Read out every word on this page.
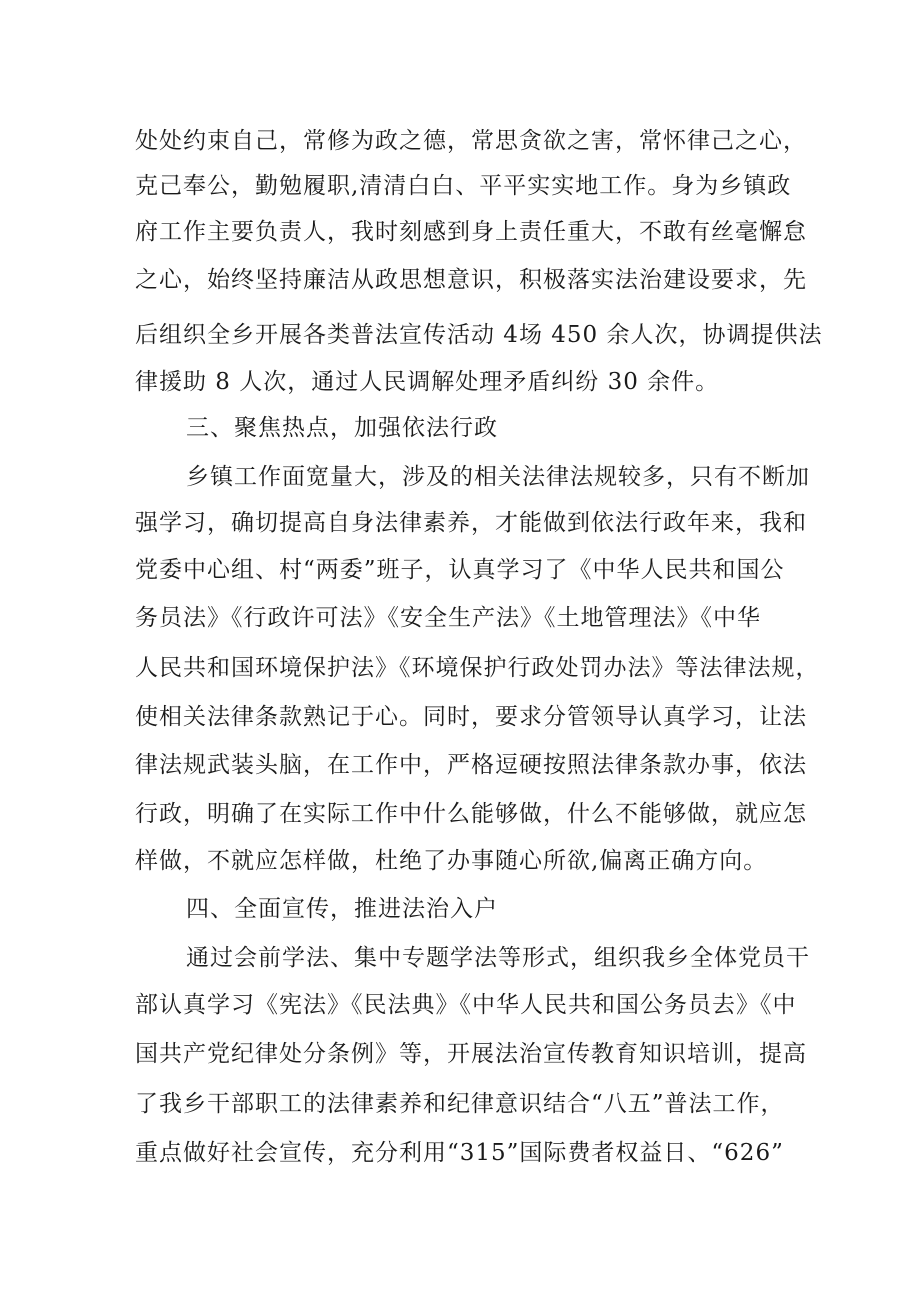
处处约束自己，常修为政之德，常思贪欲之害，常怀律己之心，
克己奉公，勤勉履职,清清白白、平平实实地工作。身为乡镇政
府工作主要负责人，我时刻感到身上责任重大，不敢有丝毫懈怠
之心，始终坚持廉洁从政思想意识，积极落实法治建设要求，先
后组织全乡开展各类普法宣传活动 4场 450 余人次，协调提供法
律援助 8 人次，通过人民调解处理矛盾纠纷 30 余件。
三、聚焦热点，加强依法行政
乡镇工作面宽量大，涉及的相关法律法规较多，只有不断加
强学习，确切提高自身法律素养，才能做到依法行政年来，我和
党委中心组、村“两委”班子，认真学习了《中华人民共和国公
务员法》《行政许可法》《安全生产法》《土地管理法》《中华
人民共和国环境保护法》《环境保护行政处罚办法》等法律法规，
使相关法律条款熟记于心。同时，要求分管领导认真学习，让法
律法规武装头脑，在工作中，严格逗硬按照法律条款办事，依法
行政，明确了在实际工作中什么能够做，什么不能够做，就应怎
样做，不就应怎样做，杜绝了办事随心所欲,偏离正确方向。
四、全面宣传，推进法治入户
通过会前学法、集中专题学法等形式，组织我乡全体党员干
部认真学习《宪法》《民法典》《中华人民共和国公务员去》《中
国共产党纪律处分条例》等，开展法治宣传教育知识培训，提高
了我乡干部职工的法律素养和纪律意识结合“八五”普法工作，
重点做好社会宣传，充分利用“315”国际费者权益日、“626”
